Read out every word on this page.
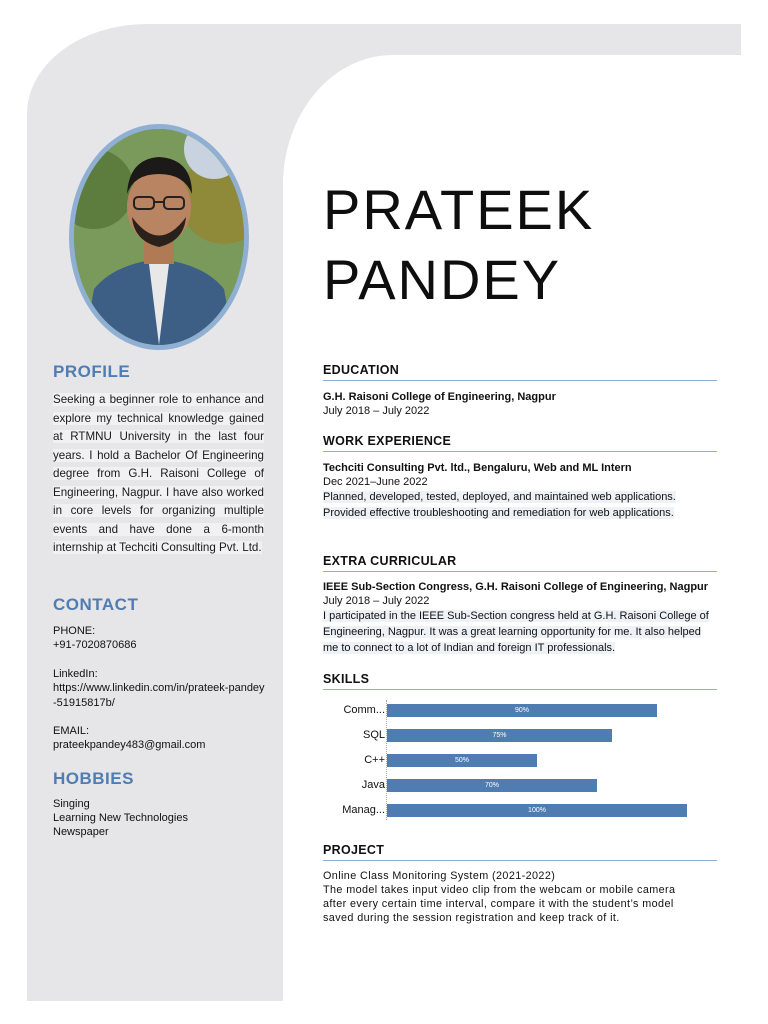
PROFILE

Seeking a beginner role to enhance and explore my technical knowledge gained at RTMNU University in the last four years. I hold a Bachelor Of Engineering degree from G.H. Raisoni College of Engineering, Nagpur. I have also worked in core levels for organizing multiple events and have done a 6-month internship at Techciti Consulting Pvt. Ltd.

CONTACT

PHONE:

+91-7020870686

LinkedIn:

https://www.linkedin.com/in/prateek-pandey-51915817b/

EMAIL:

prateekpandey483@gmail.com

HOBBIES

Singing

Learning New Technologies

Newspaper

PRATEEK
PANDEY
EDUCATION

G.H. Raisoni College of Engineering, Nagpur

July 2018 – July 2022

WORK EXPERIENCE

Techciti Consulting Pvt. ltd., Bengaluru, Web and ML Intern

Dec 2021–June 2022

Planned, developed, tested, deployed, and maintained web applications.

Provided effective troubleshooting and remediation for web applications.

EXTRA CURRICULAR

IEEE Sub-Section Congress, G.H. Raisoni College of Engineering, Nagpur

July 2018 – July 2022

I participated in the IEEE Sub-Section congress held at G.H. Raisoni College of

Engineering, Nagpur. It was a great learning opportunity for me. It also helped

me to connect to a lot of Indian and foreign IT professionals.

SKILLS
Comm...	90%
SQL	75%
C++	50%
Java	70%
Manag...	100%
PROJECT

Online Class Monitoring System (2021-2022)
The model takes input video clip from the webcam or mobile camera
after every certain time interval, compare it with the student’s model
saved during the session registration and keep track of it.
